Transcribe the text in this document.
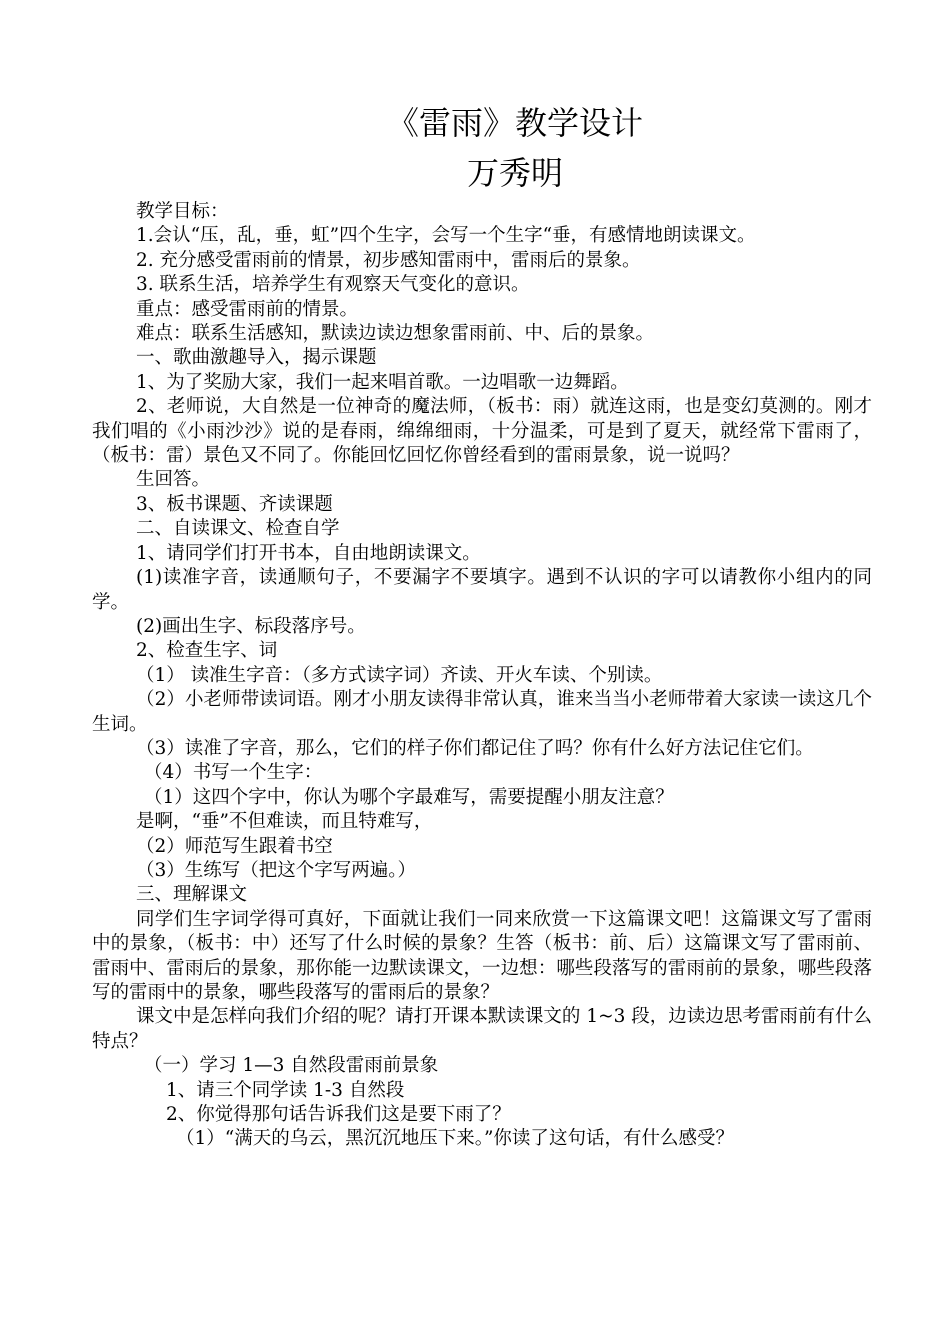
《雷雨》教学设计
万秀明

教学目标：

1.会认“压，乱，垂，虹”四个生字，会写一个生字“垂，有感情地朗读课文。

2. 充分感受雷雨前的情景，初步感知雷雨中，雷雨后的景象。

3. 联系生活，培养学生有观察天气变化的意识。

重点：感受雷雨前的情景。

难点：联系生活感知，默读边读边想象雷雨前、中、后的景象。

一、歌曲激趣导入，揭示课题

1、为了奖励大家，我们一起来唱首歌。一边唱歌一边舞蹈。

2、老师说，大自然是一位神奇的魔法师，（板书：雨）就连这雨，也是变幻莫测的。刚才我们唱的《小雨沙沙》说的是春雨，绵绵细雨，十分温柔，可是到了夏天，就经常下雷雨了，（板书：雷）景色又不同了。你能回忆回忆你曾经看到的雷雨景象，说一说吗？

生回答。

3、板书课题、齐读课题

二、自读课文、检查自学

1、请同学们打开书本，自由地朗读课文。

(1)读准字音，读通顺句子，不要漏字不要填字。遇到不认识的字可以请教你小组内的同学。

(2)画出生字、标段落序号。

2、检查生字、词

（1） 读准生字音：（多方式读字词）齐读、开火车读、个别读。

（2）小老师带读词语。刚才小朋友读得非常认真，谁来当当小老师带着大家读一读这几个生词。

（3）读准了字音，那么，它们的样子你们都记住了吗？你有什么好方法记住它们。

（4）书写一个生字：

（1）这四个字中，你认为哪个字最难写，需要提醒小朋友注意？

是啊，“垂”不但难读，而且特难写，

（2）师范写生跟着书空

（3）生练写（把这个字写两遍。）

三、理解课文

同学们生字词学得可真好，下面就让我们一同来欣赏一下这篇课文吧！这篇课文写了雷雨中的景象，（板书：中）还写了什么时候的景象？生答（板书：前、后）这篇课文写了雷雨前、雷雨中、雷雨后的景象，那你能一边默读课文，一边想：哪些段落写的雷雨前的景象，哪些段落写的雷雨中的景象，哪些段落写的雷雨后的景象？

课文中是怎样向我们介绍的呢？请打开课本默读课文的 1~3 段，边读边思考雷雨前有什么特点？

（一）学习 1—3 自然段雷雨前景象

1、请三个同学读 1-3 自然段

2、你觉得那句话告诉我们这是要下雨了？

（1）“满天的乌云，黑沉沉地压下来。”你读了这句话，有什么感受？
